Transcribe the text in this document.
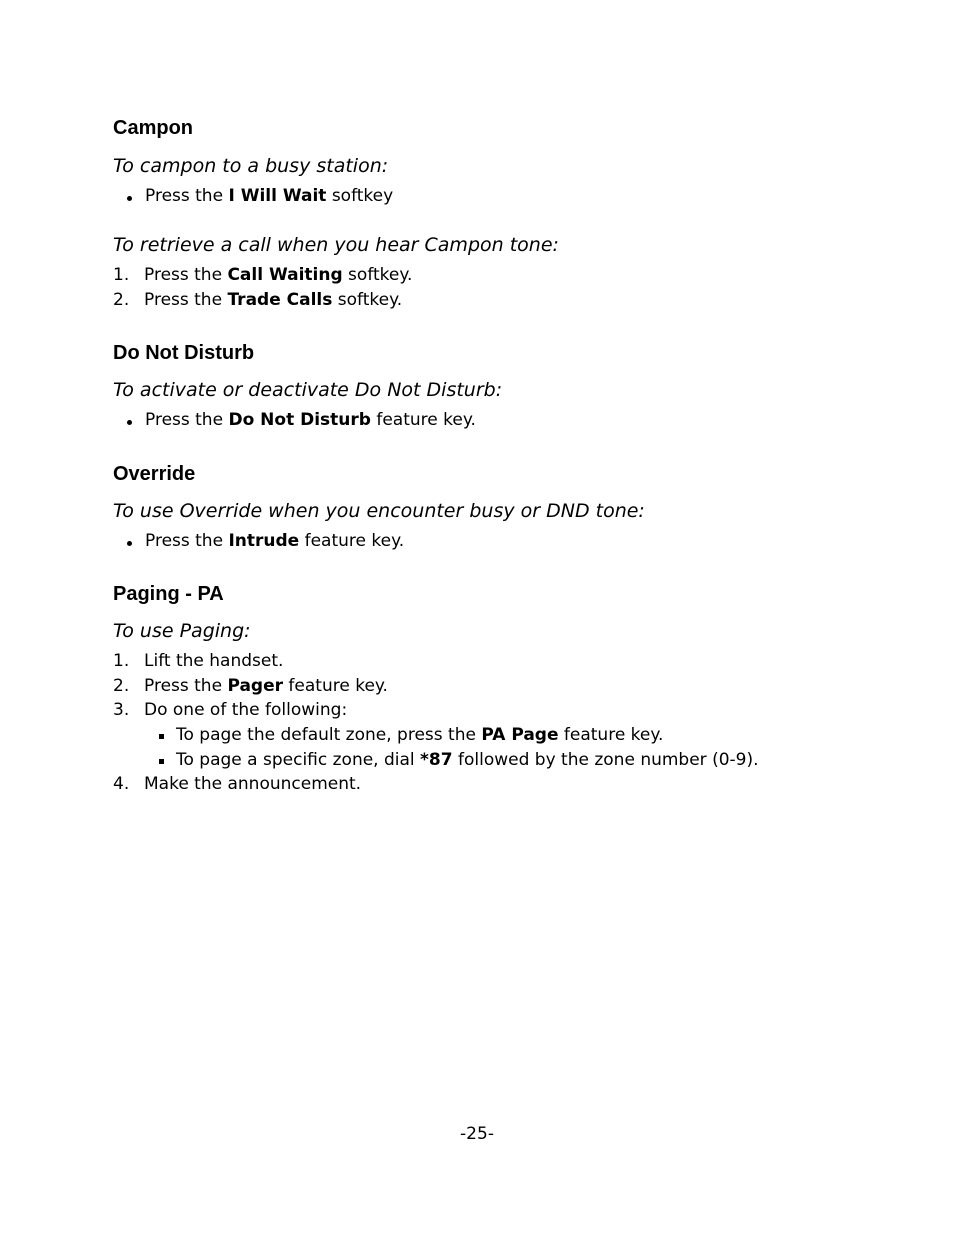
Campon

To campon to a busy station:

Press the I Will Wait softkey

To retrieve a call when you hear Campon tone:

1. Press the Call Waiting softkey.

2. Press the Trade Calls softkey.

Do Not Disturb

To activate or deactivate Do Not Disturb:

Press the Do Not Disturb feature key.

Override

To use Override when you encounter busy or DND tone:

Press the Intrude feature key.

Paging - PA

To use Paging:

1. Lift the handset.

2. Press the Pager feature key.

3. Do one of the following:

To page the default zone, press the PA Page feature key.

To page a specific zone, dial *87 followed by the zone number (0-9).

4. Make the announcement.

-25-
